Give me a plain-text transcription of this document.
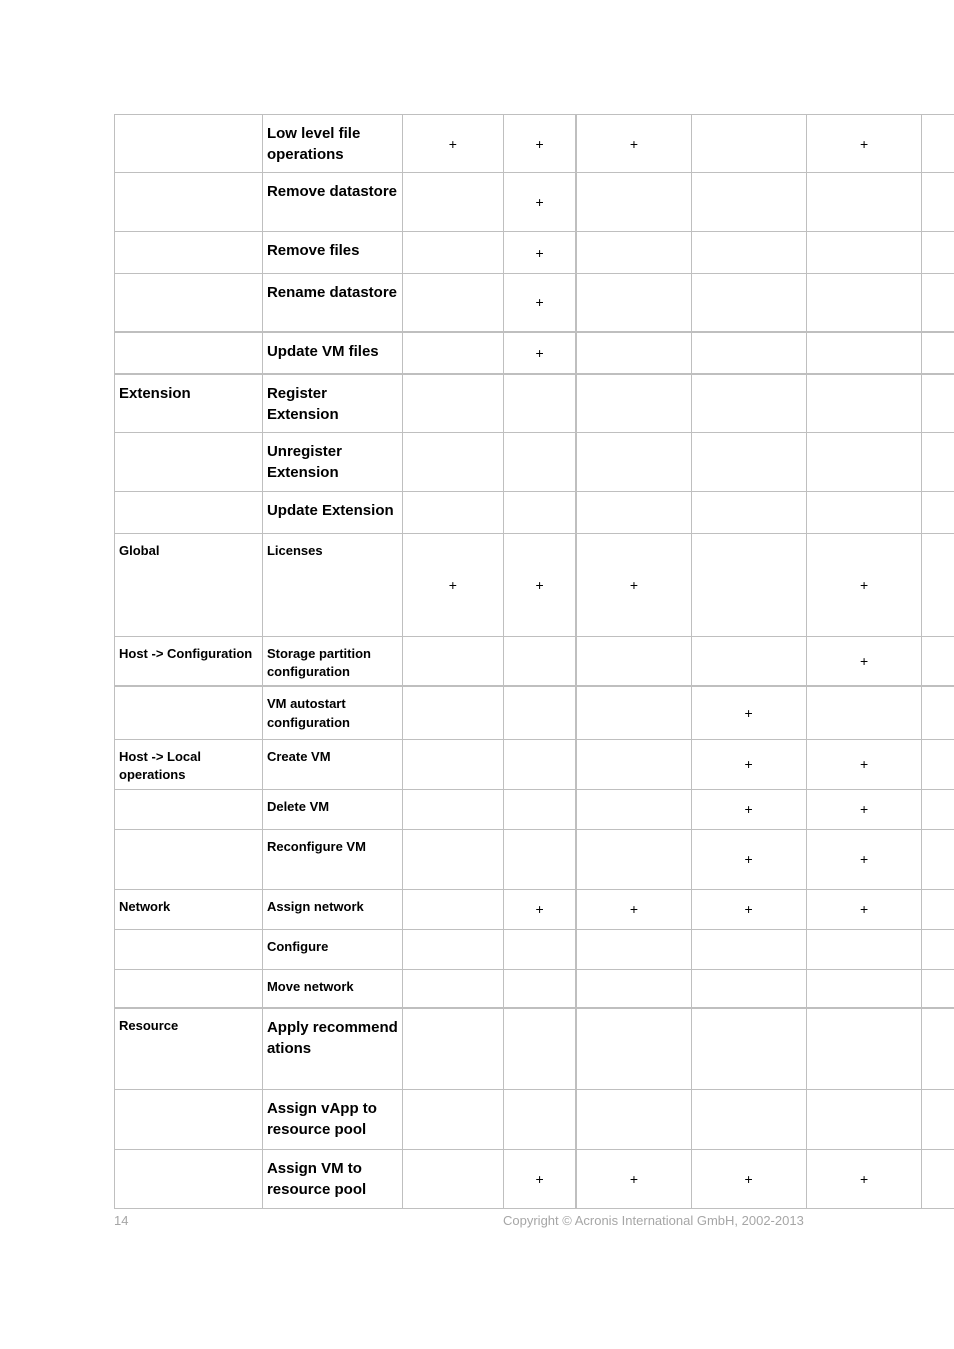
	Low level file operations	+	+	+		+	
	Remove datastore		+				
	Remove files		+				
	Rename datastore		+				
	Update VM files		+				
Extension	Register Extension						
	Unregister Extension						
	Update Extension						
Global	Licenses	+	+	+		+	
Host -> Configuration	Storage partition configuration					+	
	VM autostart configuration				+		
Host -> Local operations	Create VM				+	+	
	Delete VM				+	+	
	Reconfigure VM				+	+	
Network	Assign network		+	+	+	+	
	Configure						
	Move network						
Resource	Apply recommendations						
	Assign vApp to resource pool						
	Assign VM to resource pool		+	+	+	+	
14	Copyright © Acronis International GmbH, 2002-2013
